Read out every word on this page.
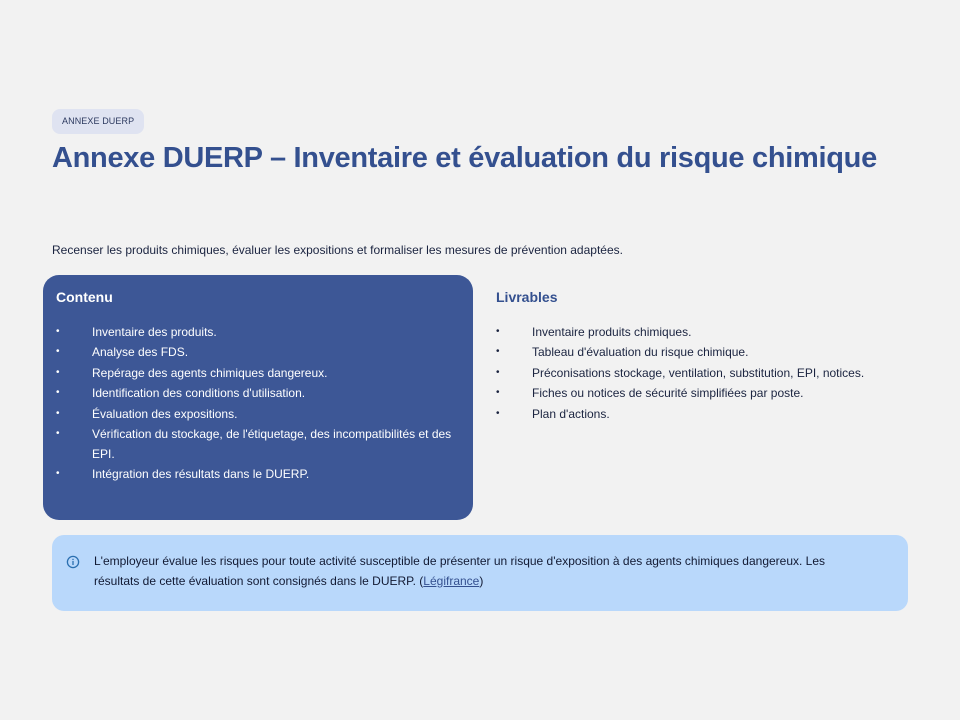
ANNEXE DUERP
Annexe DUERP – Inventaire et évaluation du risque chimique

Recenser les produits chimiques, évaluer les expositions et formaliser les mesures de prévention adaptées.

Contenu
•	Inventaire des produits.
•	Analyse des FDS.
•	Repérage des agents chimiques dangereux.
•	Identification des conditions d'utilisation.
•	Évaluation des expositions.
•	Vérification du stockage, de l'étiquetage, des incompatibilités et des EPI.
•	Intégration des résultats dans le DUERP.
Livrables
•	Inventaire produits chimiques.
•	Tableau d'évaluation du risque chimique.
•	Préconisations stockage, ventilation, substitution, EPI, notices.
•	Fiches ou notices de sécurité simplifiées par poste.
•	Plan d'actions.

L'employeur évalue les risques pour toute activité susceptible de présenter un risque d'exposition à des agents chimiques dangereux. Les résultats de cette évaluation sont consignés dans le DUERP. (Légifrance)
